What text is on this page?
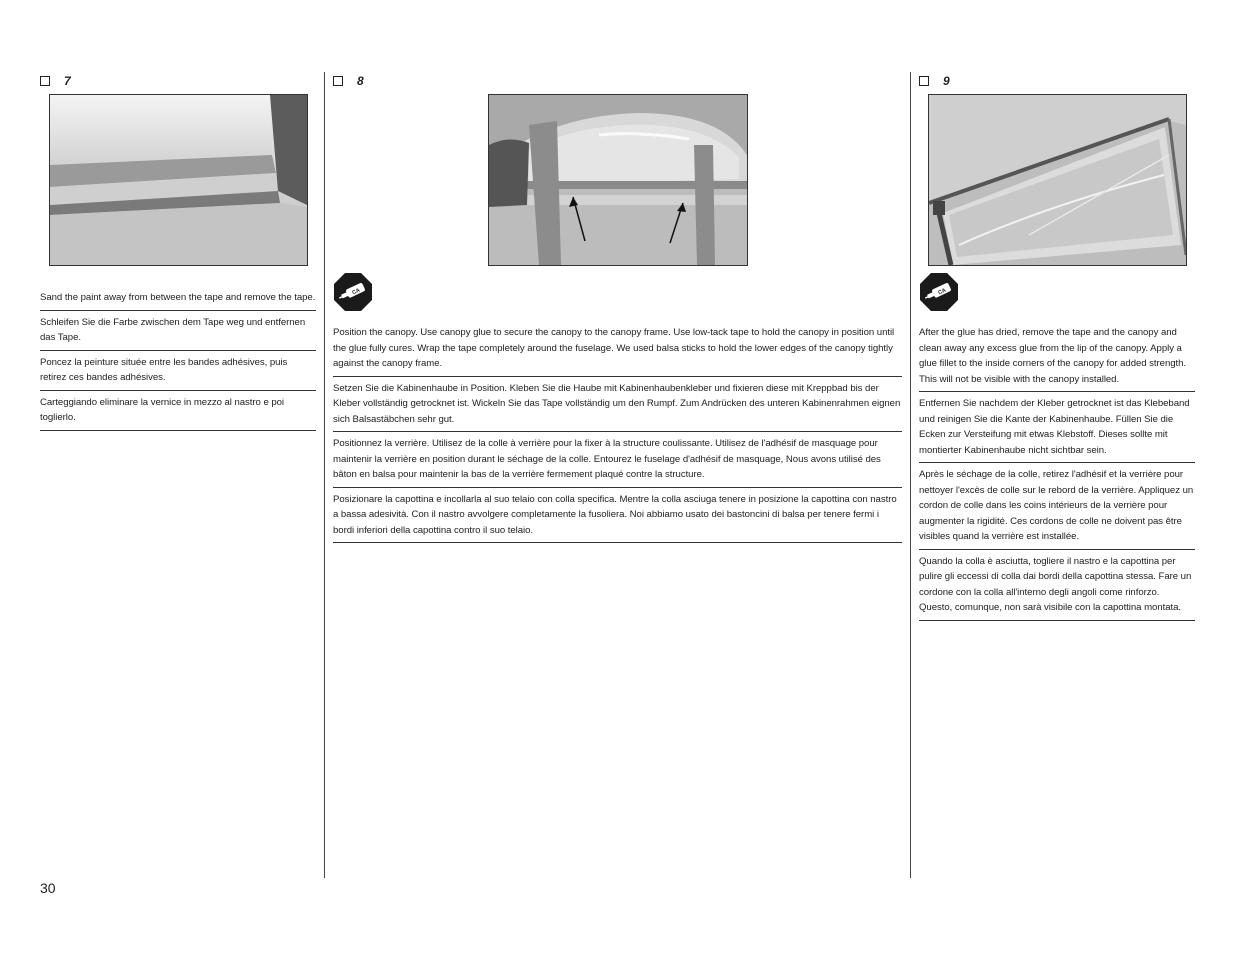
7

Sand the paint away from between the tape and remove the tape.

Schleifen Sie die Farbe zwischen dem Tape weg und entfernen das Tape.

Poncez la peinture située entre les bandes adhésives, puis retirez ces bandes adhésives.

Carteggiando eliminare la vernice in mezzo al nastro e poi toglierlo.

8
CA

Position the canopy. Use canopy glue to secure the canopy to the canopy frame. Use low-tack tape to hold the canopy in position until the glue fully cures. Wrap the tape completely around the fuselage. We used balsa sticks to hold the lower edges of the canopy tightly against the canopy frame.

Setzen Sie die Kabinenhaube in Position. Kleben Sie die Haube mit Kabinenhaubenkleber und fixieren diese mit Kreppbad bis der Kleber vollständig getrocknet ist. Wickeln Sie das Tape vollständig um den Rumpf. Zum Andrücken des unteren Kabinenrahmen eignen sich Balsastäbchen sehr gut.

Positionnez la verrière. Utilisez de la colle à verrière pour la fixer à la structure coulissante. Utilisez de l'adhésif de masquage pour maintenir la verrière en position durant le séchage de la colle. Entourez le fuselage d'adhésif de masquage, Nous avons utilisé des bâton en balsa pour maintenir la bas de la verrière fermement plaqué contre la structure.

Posizionare la capottina e incollarla al suo telaio con colla specifica. Mentre la colla asciuga tenere in posizione la capottina con nastro a bassa adesività. Con il nastro avvolgere completamente la fusoliera. Noi abbiamo usato dei bastoncini di balsa per tenere fermi i bordi inferiori della capottina contro il suo telaio.

9
CA

After the glue has dried, remove the tape and the canopy and clean away any excess glue from the lip of the canopy. Apply a glue fillet to the inside corners of the canopy for added strength. This will not be visible with the canopy installed.

Entfernen Sie nachdem der Kleber getrocknet ist das Klebeband und reinigen Sie die Kante der Kabinenhaube. Füllen Sie die Ecken zur Versteifung mit etwas Klebstoff. Dieses sollte mit montierter Kabinenhaube nicht sichtbar sein.

Après le séchage de la colle, retirez l'adhésif et la verrière pour nettoyer l'excès de colle sur le rebord de la verrière. Appliquez un cordon de colle dans les coins intérieurs de la verrière pour augmenter la rigidité. Ces cordons de colle ne doivent pas être visibles quand la verrière est installée.

Quando la colla è asciutta, togliere il nastro e la capottina per pulire gli eccessi di colla dai bordi della capottina stessa. Fare un cordone con la colla all'interno degli angoli come rinforzo. Questo, comunque, non sarà visibile con la capottina montata.

30
